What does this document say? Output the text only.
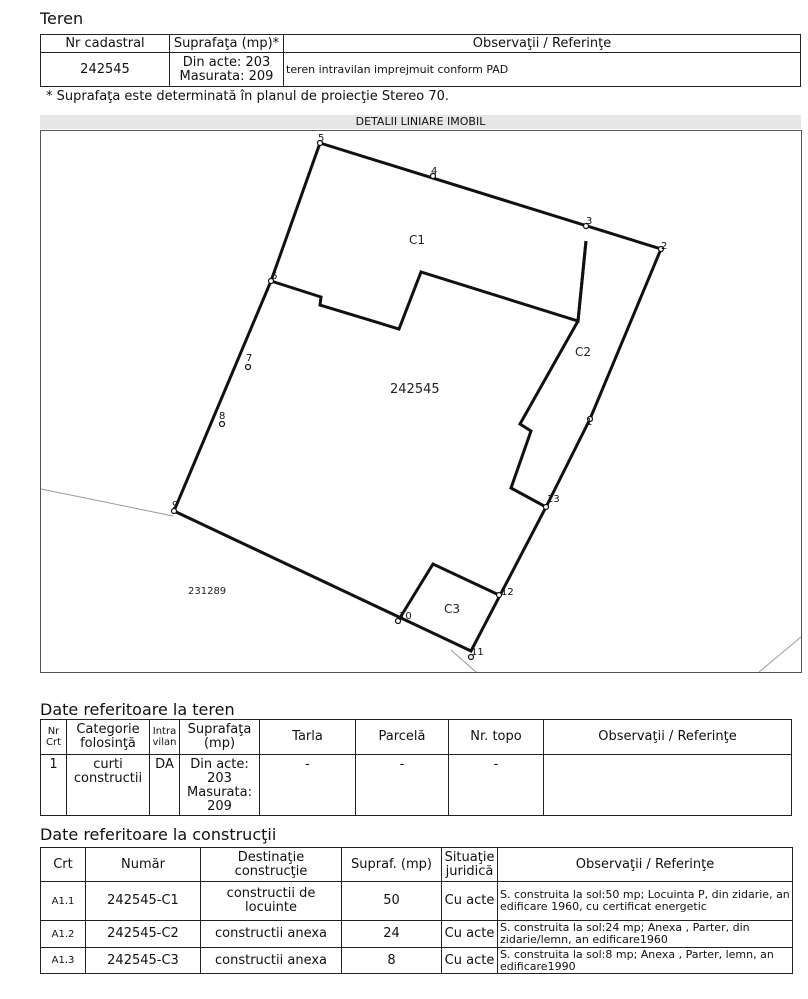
Teren
Nr cadastral	Suprafaţa (mp)*	Observaţii / Referinţe
242545	Din acte: 203
Masurata: 209	teren intravilan imprejmuit conform PAD
* Suprafaţa este determinată în planul de proiecţie Stereo 70.
DETALII LINIARE IMOBIL
1
2
3
4
5
6
7
8
9
10
11
12
13
C1
C2
C3
242545
231289
Date referitoare la teren
Nr Crt	Categorie folosinţă	Intra vilan	Suprafaţa (mp)	Tarla	Parcelă	Nr. topo	Observaţii / Referinţe
1	curti constructii	DA	Din acte: 203
Masurata: 209	-	-	-	
Date referitoare la construcţii
Crt	Număr	Destinaţie construcţie	Supraf. (mp)	Situaţie juridică	Observaţii / Referinţe
A1.1	242545-C1	constructii de locuinte	50	Cu acte	S. construita la sol:50 mp; Locuinta P, din zidarie, an edificare 1960, cu certificat energetic
A1.2	242545-C2	constructii anexa	24	Cu acte	S. construita la sol:24 mp; Anexa , Parter, din zidarie/lemn, an edificare1960
A1.3	242545-C3	constructii anexa	8	Cu acte	S. construita la sol:8 mp; Anexa , Parter, lemn, an edificare1990
